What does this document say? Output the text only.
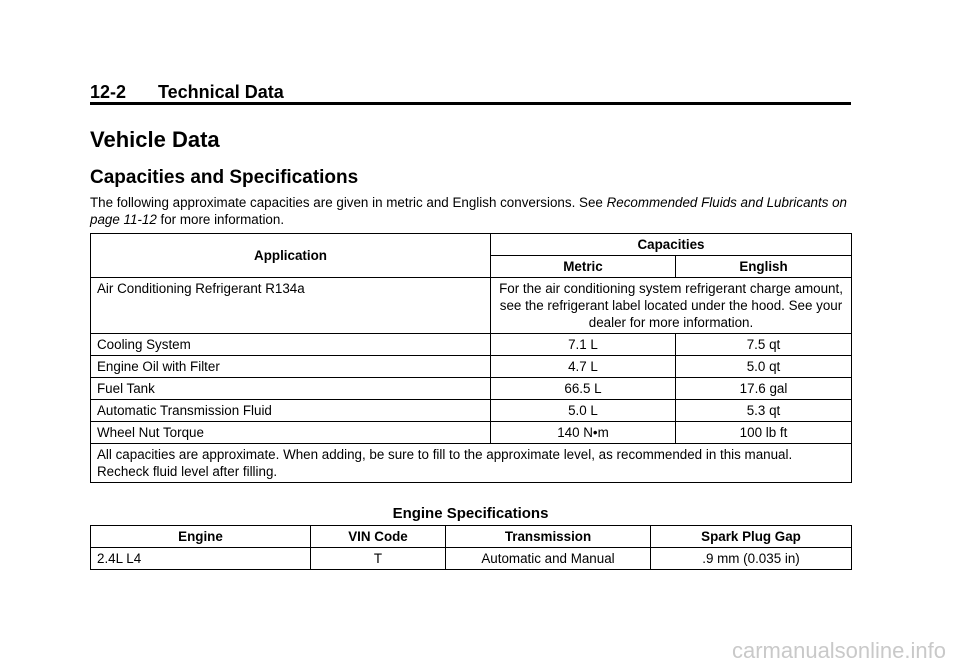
12-2 Technical Data
Vehicle Data
Capacities and Specifications
The following approximate capacities are given in metric and English conversions. See Recommended Fluids and Lubricants on page 11-12 for more information.
Application	Capacities	
	Metric	English
Air Conditioning Refrigerant R134a	For the air conditioning system refrigerant charge amount, see the refrigerant label located under the hood. See your dealer for more information.	
Cooling System	7.1 L	7.5 qt
Engine Oil with Filter	4.7 L	5.0 qt
Fuel Tank	66.5 L	17.6 gal
Automatic Transmission Fluid	5.0 L	5.3 qt
Wheel Nut Torque	140 N•m	100 lb ft
All capacities are approximate. When adding, be sure to fill to the approximate level, as recommended in this manual. Recheck fluid level after filling.		
Engine Specifications
Engine	VIN Code	Transmission	Spark Plug Gap
2.4L L4	T	Automatic and Manual	.9 mm (0.035 in)
carmanualsonline.info
